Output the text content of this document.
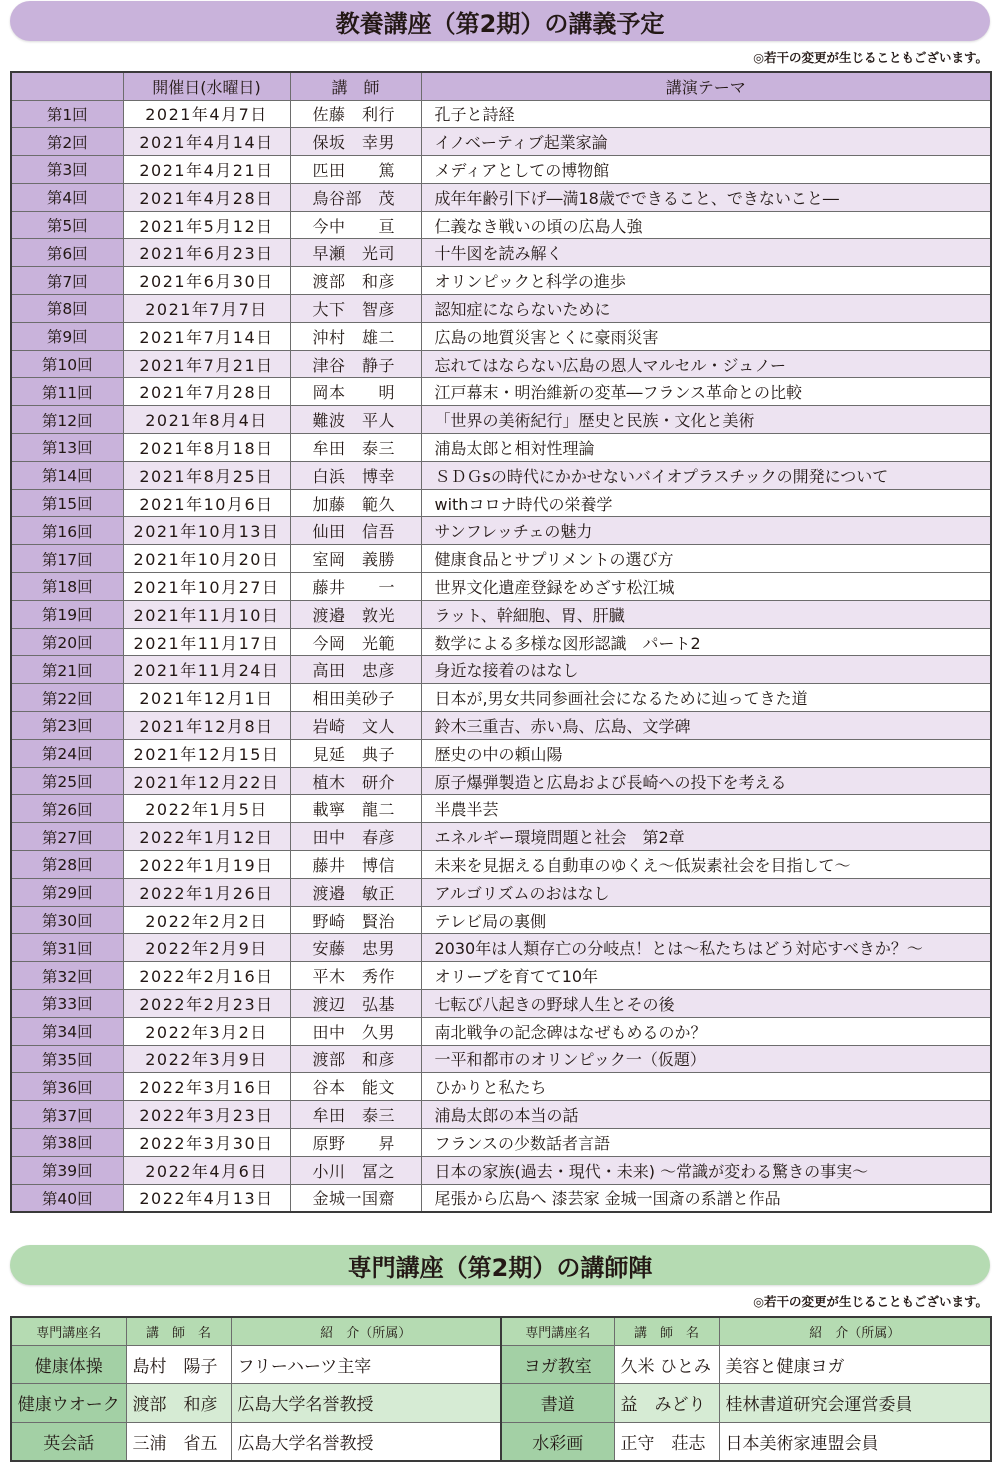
教養講座（第2期）の講義予定
◎若干の変更が生じることもございます。
	開催日(水曜日)	講　師	講演テーマ
第1回	2021年4月7日	佐藤　利行	孔子と詩経
第2回	2021年4月14日	保坂　幸男	イノベーティブ起業家論
第3回	2021年4月21日	匹田　　篤	メディアとしての博物館
第4回	2021年4月28日	鳥谷部　茂	成年年齢引下げ―満18歳でできること、できないこと―
第5回	2021年5月12日	今中　　亘	仁義なき戦いの頃の広島人強
第6回	2021年6月23日	早瀬　光司	十牛図を読み解く
第7回	2021年6月30日	渡部　和彦	オリンピックと科学の進歩
第8回	2021年7月7日	大下　智彦	認知症にならないために
第9回	2021年7月14日	沖村　雄二	広島の地質災害とくに豪雨災害
第10回	2021年7月21日	津谷　静子	忘れてはならない広島の恩人マルセル・ジュノー
第11回	2021年7月28日	岡本　　明	江戸幕末・明治維新の変革―フランス革命との比較
第12回	2021年8月4日	難波　平人	「世界の美術紀行」歴史と民族・文化と美術
第13回	2021年8月18日	牟田　泰三	浦島太郎と相対性理論
第14回	2021年8月25日	白浜　博幸	ＳＤＧsの時代にかかせないバイオプラスチックの開発について
第15回	2021年10月6日	加藤　範久	withコロナ時代の栄養学
第16回	2021年10月13日	仙田　信吾	サンフレッチェの魅力
第17回	2021年10月20日	室岡　義勝	健康食品とサプリメントの選び方
第18回	2021年10月27日	藤井　　一	世界文化遺産登録をめざす松江城
第19回	2021年11月10日	渡邉　敦光	ラット、幹細胞、胃、肝臓
第20回	2021年11月17日	今岡　光範	数学による多様な図形認識　パート2
第21回	2021年11月24日	高田　忠彦	身近な接着のはなし
第22回	2021年12月1日	相田美砂子	日本が,男女共同参画社会になるために辿ってきた道
第23回	2021年12月8日	岩崎　文人	鈴木三重吉、赤い鳥、広島、文学碑
第24回	2021年12月15日	見延　典子	歴史の中の頼山陽
第25回	2021年12月22日	植木　研介	原子爆弾製造と広島および長崎への投下を考える
第26回	2022年1月5日	載寧　龍二	半農半芸
第27回	2022年1月12日	田中　春彦	エネルギー環境問題と社会　第2章
第28回	2022年1月19日	藤井　博信	未来を見据える自動車のゆくえ～低炭素社会を目指して～
第29回	2022年1月26日	渡邉　敏正	アルゴリズムのおはなし
第30回	2022年2月2日	野崎　賢治	テレビ局の裏側
第31回	2022年2月9日	安藤　忠男	2030年は人類存亡の分岐点！とは～私たちはどう対応すべきか？～
第32回	2022年2月16日	平木　秀作	オリーブを育てて10年
第33回	2022年2月23日	渡辺　弘基	七転び八起きの野球人生とその後
第34回	2022年3月2日	田中　久男	南北戦争の記念碑はなぜもめるのか？
第35回	2022年3月9日	渡部　和彦	一平和都市のオリンピック一（仮題）
第36回	2022年3月16日	谷本　能文	ひかりと私たち
第37回	2022年3月23日	牟田　泰三	浦島太郎の本当の話
第38回	2022年3月30日	原野　　昇	フランスの少数話者言語
第39回	2022年4月6日	小川　冨之	日本の家族(過去・現代・未来) ～常識が変わる驚きの事実～
第40回	2022年4月13日	金城一国齋	尾張から広島へ 漆芸家 金城一国斎の系譜と作品
専門講座（第2期）の講師陣
◎若干の変更が生じることもございます。
専門講座名	講　師　名	紹　介（所属）	専門講座名	講　師　名	紹　介（所属）
健康体操	島村　陽子	フリーハーツ主宰	ヨガ教室	久米 ひとみ	美容と健康ヨガ
健康ウオーク	渡部　和彦	広島大学名誉教授	書道	益　みどり	桂林書道研究会運営委員
英会話	三浦　省五	広島大学名誉教授	水彩画	正守　荘志	日本美術家連盟会員
